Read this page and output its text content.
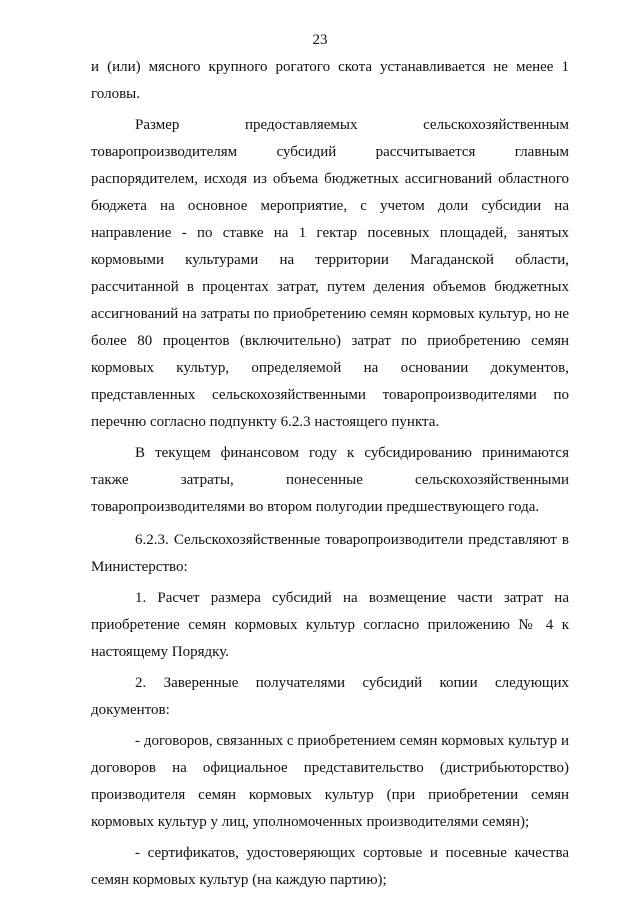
23

и (или) мясного крупного рогатого скота устанавливается не менее 1 головы.

Размер предоставляемых сельскохозяйственным товаропроизводителям субсидий рассчитывается главным распорядителем, исходя из объема бюджетных ассигнований областного бюджета на основное мероприятие, с учетом доли субсидии на направление - по ставке на 1 гектар посевных площадей, занятых кормовыми культурами на территории Магаданской области, рассчитанной в процентах затрат, путем деления объемов бюджетных ассигнований на затраты по приобретению семян кормовых культур, но не более 80 процентов (включительно) затрат по приобретению семян кормовых культур, определяемой на основании документов, представленных сельскохозяйственными товаропроизводителями по перечню согласно подпункту 6.2.3 настоящего пункта.

В текущем финансовом году к субсидированию принимаются также затраты, понесенные сельскохозяйственными товаропроизводителями во втором полугодии предшествующего года.

6.2.3. Сельскохозяйственные товаропроизводители представляют в Министерство:

1. Расчет размера субсидий на возмещение части затрат на приобретение семян кормовых культур согласно приложению № 4 к настоящему Порядку.

2. Заверенные получателями субсидий копии следующих документов:

- договоров, связанных с приобретением семян кормовых культур и договоров на официальное представительство (дистрибьюторство) производителя семян кормовых культур (при приобретении семян кормовых культур у лиц, уполномоченных производителями семян);

- сертификатов, удостоверяющих сортовые и посевные качества семян кормовых культур (на каждую партию);
